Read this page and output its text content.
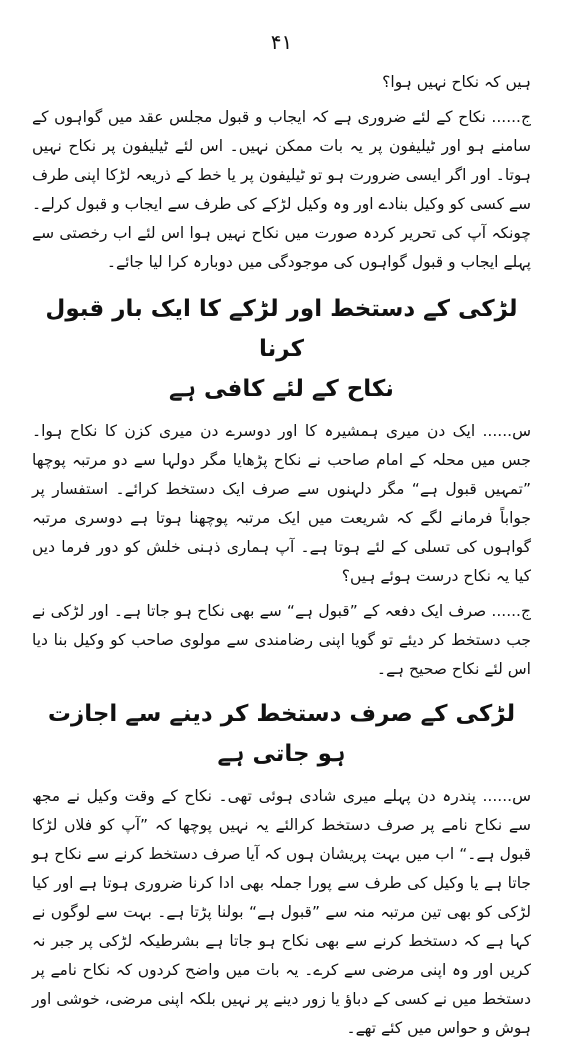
۴۱

ہیں کہ نکاح نہیں ہوا؟

ج...... نکاح کے لئے ضروری ہے کہ ایجاب و قبول مجلس عقد میں گواہوں کے سامنے ہو اور ٹیلیفون پر یہ بات ممکن نہیں۔ اس لئے ٹیلیفون پر نکاح نہیں ہوتا۔ اور اگر ایسی ضرورت ہو تو ٹیلیفون پر یا خط کے ذریعہ لڑکا اپنی طرف سے کسی کو وکیل بنادے اور وہ وکیل لڑکے کی طرف سے ایجاب و قبول کرلے۔ چونکہ آپ کی تحریر کردہ صورت میں نکاح نہیں ہوا اس لئے اب رخصتی سے پہلے ایجاب و قبول گواہوں کی موجودگی میں دوبارہ کرا لیا جائے۔

لڑکی کے دستخط اور لڑکے کا ایک بار قبول کرنا
نکاح کے لئے کافی ہے

س...... ایک دن میری ہمشیرہ کا اور دوسرے دن میری کزن کا نکاح ہوا۔ جس میں محلہ کے امام صاحب نے نکاح پڑھایا مگر دولہا سے دو مرتبہ پوچھا ”تمہیں قبول ہے“ مگر دلہنوں سے صرف ایک دستخط کرائے۔ استفسار پر جواباً فرمانے لگے کہ شریعت میں ایک مرتبہ پوچھنا ہوتا ہے دوسری مرتبہ گواہوں کی تسلی کے لئے ہوتا ہے۔ آپ ہماری ذہنی خلش کو دور فرما دیں کیا یہ نکاح درست ہوئے ہیں؟

ج...... صرف ایک دفعہ کے ”قبول ہے“ سے بھی نکاح ہو جاتا ہے۔ اور لڑکی نے جب دستخط کر دیئے تو گویا اپنی رضامندی سے مولوی صاحب کو وکیل بنا دیا اس لئے نکاح صحیح ہے۔

لڑکی کے صرف دستخط کر دینے سے اجازت ہو جاتی ہے

س...... پندرہ دن پہلے میری شادی ہوئی تھی۔ نکاح کے وقت وکیل نے مجھ سے نکاح نامے پر صرف دستخط کرالئے یہ نہیں پوچھا کہ ”آپ کو فلاں لڑکا قبول ہے۔“ اب میں بہت پریشان ہوں کہ آیا صرف دستخط کرنے سے نکاح ہو جاتا ہے یا وکیل کی طرف سے پورا جملہ بھی ادا کرنا ضروری ہوتا ہے اور کیا لڑکی کو بھی تین مرتبہ منہ سے ”قبول ہے“ بولنا پڑتا ہے۔ بہت سے لوگوں نے کہا ہے کہ دستخط کرنے سے بھی نکاح ہو جاتا ہے بشرطیکہ لڑکی پر جبر نہ کریں اور وہ اپنی مرضی سے کرے۔ یہ بات میں واضح کردوں کہ نکاح نامے پر دستخط میں نے کسی کے دباؤ یا زور دینے پر نہیں بلکہ اپنی مرضی، خوشی اور ہوش و حواس میں کئے تھے۔
